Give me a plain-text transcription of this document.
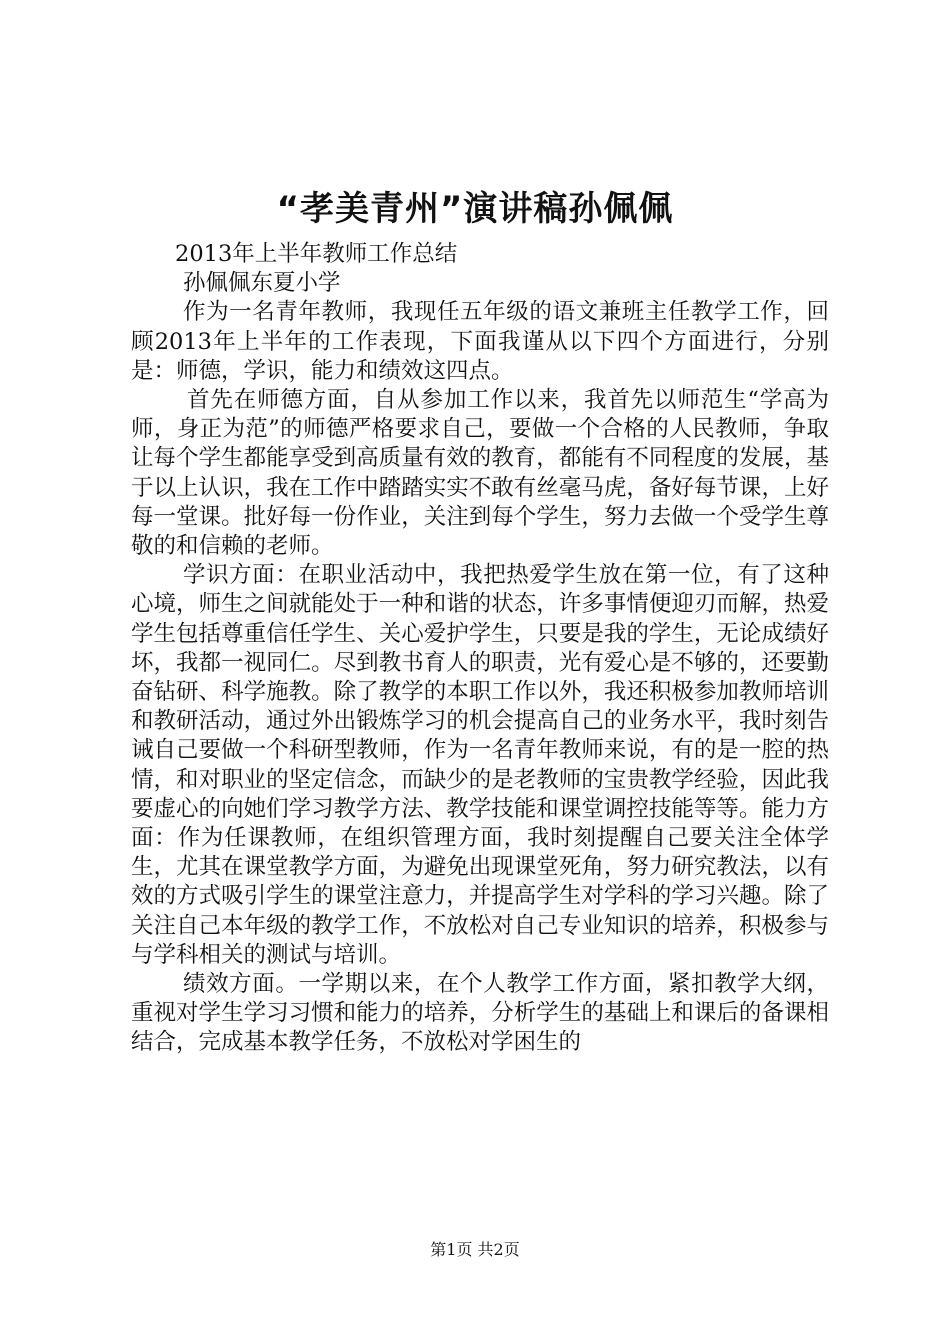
“孝美青州”演讲稿孙佩佩

2013年上半年教师工作总结

孙佩佩东夏小学

作为一名青年教师，我现任五年级的语文兼班主任教学工作，回顾2013年上半年的工作表现，下面我谨从以下四个方面进行，分别是：师德，学识，能力和绩效这四点。

首先在师德方面，自从参加工作以来，我首先以师范生“学高为师，身正为范”的师德严格要求自己，要做一个合格的人民教师，争取让每个学生都能享受到高质量有效的教育，都能有不同程度的发展，基于以上认识，我在工作中踏踏实实不敢有丝毫马虎，备好每节课，上好每一堂课。批好每一份作业，关注到每个学生，努力去做一个受学生尊敬的和信赖的老师。

学识方面：在职业活动中，我把热爱学生放在第一位，有了这种心境，师生之间就能处于一种和谐的状态，许多事情便迎刃而解，热爱学生包括尊重信任学生、关心爱护学生，只要是我的学生，无论成绩好坏，我都一视同仁。尽到教书育人的职责，光有爱心是不够的，还要勤奋钻研、科学施教。除了教学的本职工作以外，我还积极参加教师培训和教研活动，通过外出锻炼学习的机会提高自己的业务水平，我时刻告诫自己要做一个科研型教师，作为一名青年教师来说，有的是一腔的热情，和对职业的坚定信念，而缺少的是老教师的宝贵教学经验，因此我要虚心的向她们学习教学方法、教学技能和课堂调控技能等等。能力方面：作为任课教师，在组织管理方面，我时刻提醒自己要关注全体学生，尤其在课堂教学方面，为避免出现课堂死角，努力研究教法，以有效的方式吸引学生的课堂注意力，并提高学生对学科的学习兴趣。除了关注自己本年级的教学工作，不放松对自己专业知识的培养，积极参与与学科相关的测试与培训。

绩效方面。一学期以来，在个人教学工作方面，紧扣教学大纲，重视对学生学习习惯和能力的培养，分析学生的基础上和课后的备课相结合，完成基本教学任务，不放松对学困生的

第1页 共2页
